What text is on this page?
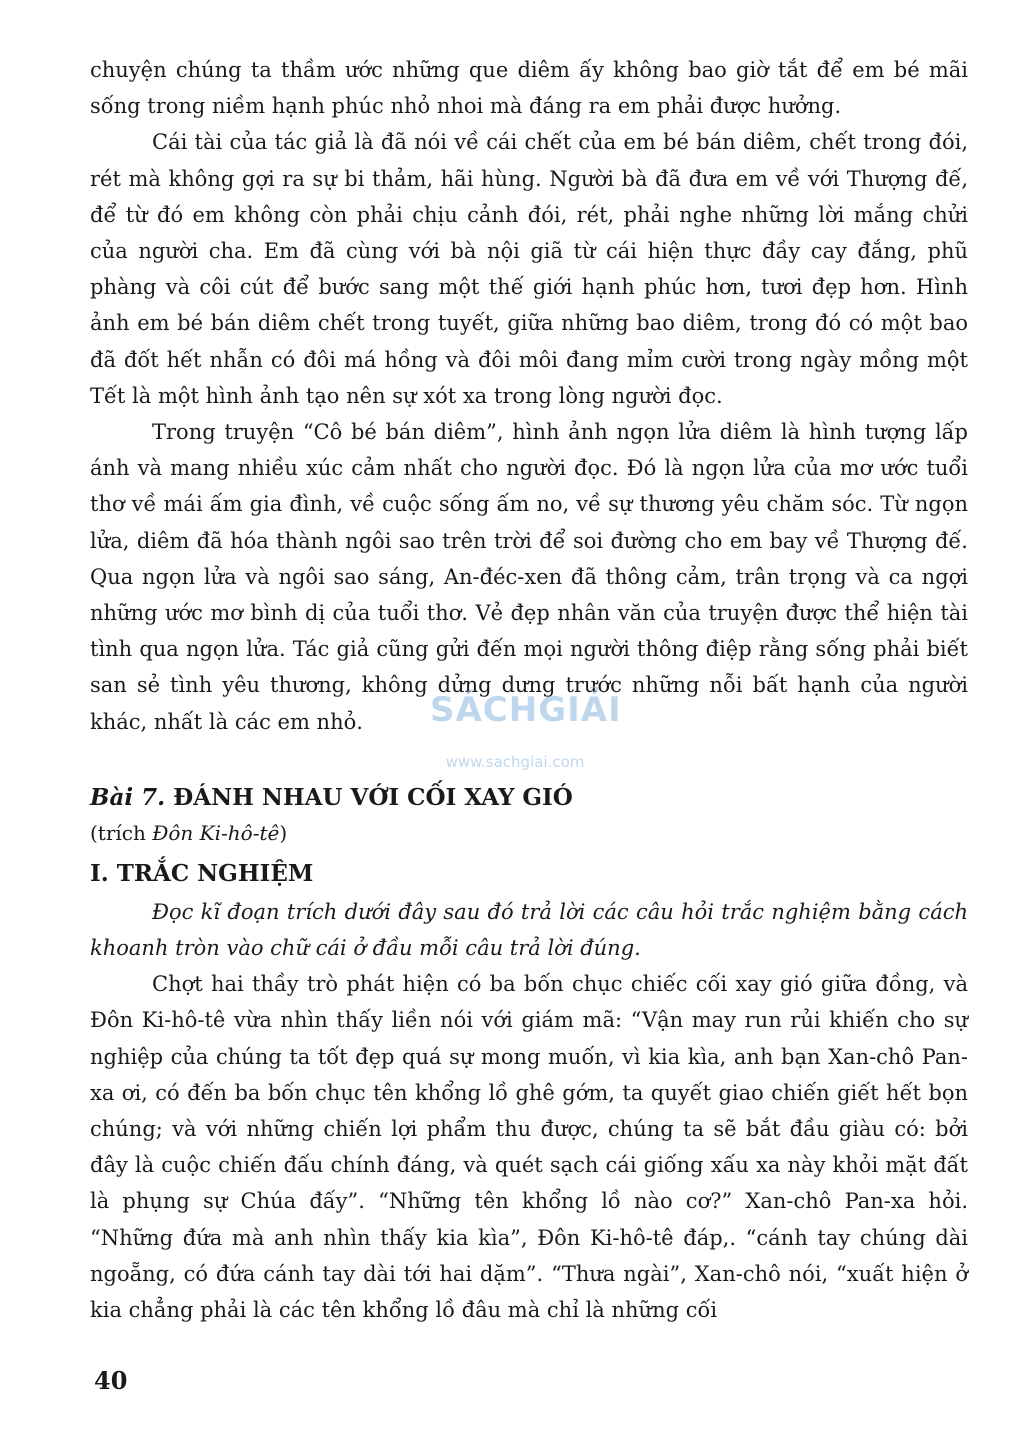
chuyện chúng ta thầm ước những que diêm ấy không bao giờ tắt để em bé mãi sống trong niềm hạnh phúc nhỏ nhoi mà đáng ra em phải được hưởng.

Cái tài của tác giả là đã nói về cái chết của em bé bán diêm, chết trong đói, rét mà không gợi ra sự bi thảm, hãi hùng. Người bà đã đưa em về với Thượng đế, để từ đó em không còn phải chịu cảnh đói, rét, phải nghe những lời mắng chửi của người cha. Em đã cùng với bà nội giã từ cái hiện thực đầy cay đắng, phũ phàng và côi cút để bước sang một thế giới hạnh phúc hơn, tươi đẹp hơn. Hình ảnh em bé bán diêm chết trong tuyết, giữa những bao diêm, trong đó có một bao đã đốt hết nhẫn có đôi má hồng và đôi môi đang mỉm cười trong ngày mồng một Tết là một hình ảnh tạo nên sự xót xa trong lòng người đọc.

Trong truyện “Cô bé bán diêm”, hình ảnh ngọn lửa diêm là hình tượng lấp ánh và mang nhiều xúc cảm nhất cho người đọc. Đó là ngọn lửa của mơ ước tuổi thơ về mái ấm gia đình, về cuộc sống ấm no, về sự thương yêu chăm sóc. Từ ngọn lửa, diêm đã hóa thành ngôi sao trên trời để soi đường cho em bay về Thượng đế. Qua ngọn lửa và ngôi sao sáng, An-đéc-xen đã thông cảm, trân trọng và ca ngợi những ước mơ bình dị của tuổi thơ. Vẻ đẹp nhân văn của truyện được thể hiện tài tình qua ngọn lửa. Tác giả cũng gửi đến mọi người thông điệp rằng sống phải biết san sẻ tình yêu thương, không dửng dưng trước những nỗi bất hạnh của người khác, nhất là các em nhỏ.

Bài 7. ĐÁNH NHAU VỚI CỐI XAY GIÓ

(trích Đôn Ki-hô-tê)

I. TRẮC NGHIỆM

Đọc kĩ đoạn trích dưới đây sau đó trả lời các câu hỏi trắc nghiệm bằng cách khoanh tròn vào chữ cái ở đầu mỗi câu trả lời đúng.

Chợt hai thầy trò phát hiện có ba bốn chục chiếc cối xay gió giữa đồng, và Đôn Ki-hô-tê vừa nhìn thấy liền nói với giám mã: “Vận may run rủi khiến cho sự nghiệp của chúng ta tốt đẹp quá sự mong muốn, vì kia kìa, anh bạn Xan-chô Pan-xa ơi, có đến ba bốn chục tên khổng lồ ghê gớm, ta quyết giao chiến giết hết bọn chúng; và với những chiến lợi phẩm thu được, chúng ta sẽ bắt đầu giàu có: bởi đây là cuộc chiến đấu chính đáng, và quét sạch cái giống xấu xa này khỏi mặt đất là phụng sự Chúa đấy”. “Những tên khổng lồ nào cơ?” Xan-chô Pan-xa hỏi. “Những đứa mà anh nhìn thấy kia kìa”, Đôn Ki-hô-tê đáp,. “cánh tay chúng dài ngoẵng, có đứa cánh tay dài tới hai dặm”. “Thưa ngài”, Xan-chô nói, “xuất hiện ở kia chẳng phải là các tên khổng lồ đâu mà chỉ là những cối

SÁCHGIẢI
www.sachgiai.com
40
